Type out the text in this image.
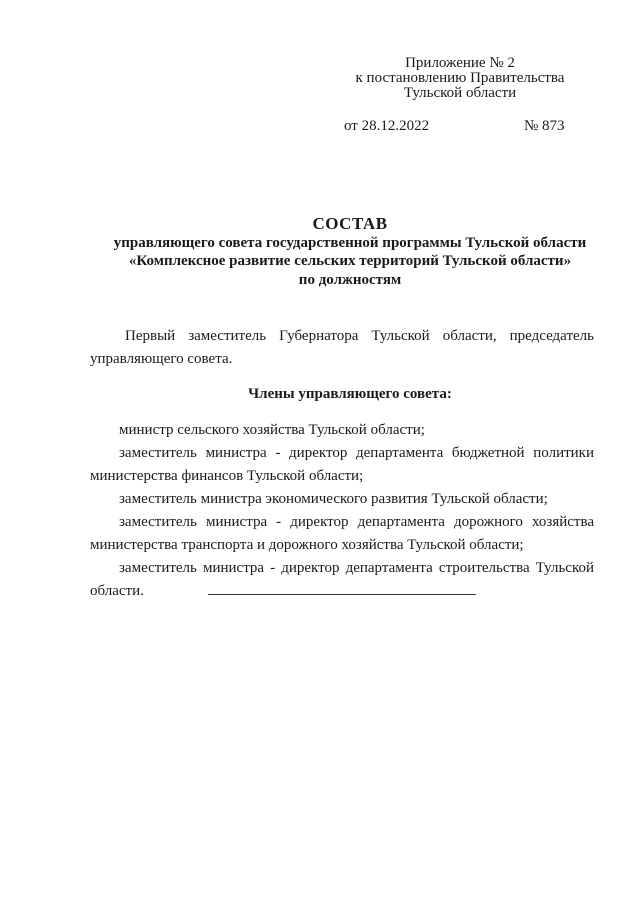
Приложение № 2
к постановлению Правительства
Тульской области
от 28.12.2022	№ 873
СОСТАВ
управляющего совета государственной программы Тульской области
«Комплексное развитие сельских территорий Тульской области»
по должностям
Первый заместитель Губернатора Тульской области, председатель управляющего совета.
Члены управляющего совета:
министр сельского хозяйства Тульской области;
заместитель министра - директор департамента бюджетной политики министерства финансов Тульской области;
заместитель министра экономического развития Тульской области;
заместитель министра - директор департамента дорожного хозяйства министерства транспорта и дорожного хозяйства Тульской области;
заместитель министра - директор департамента строительства Тульской области.
